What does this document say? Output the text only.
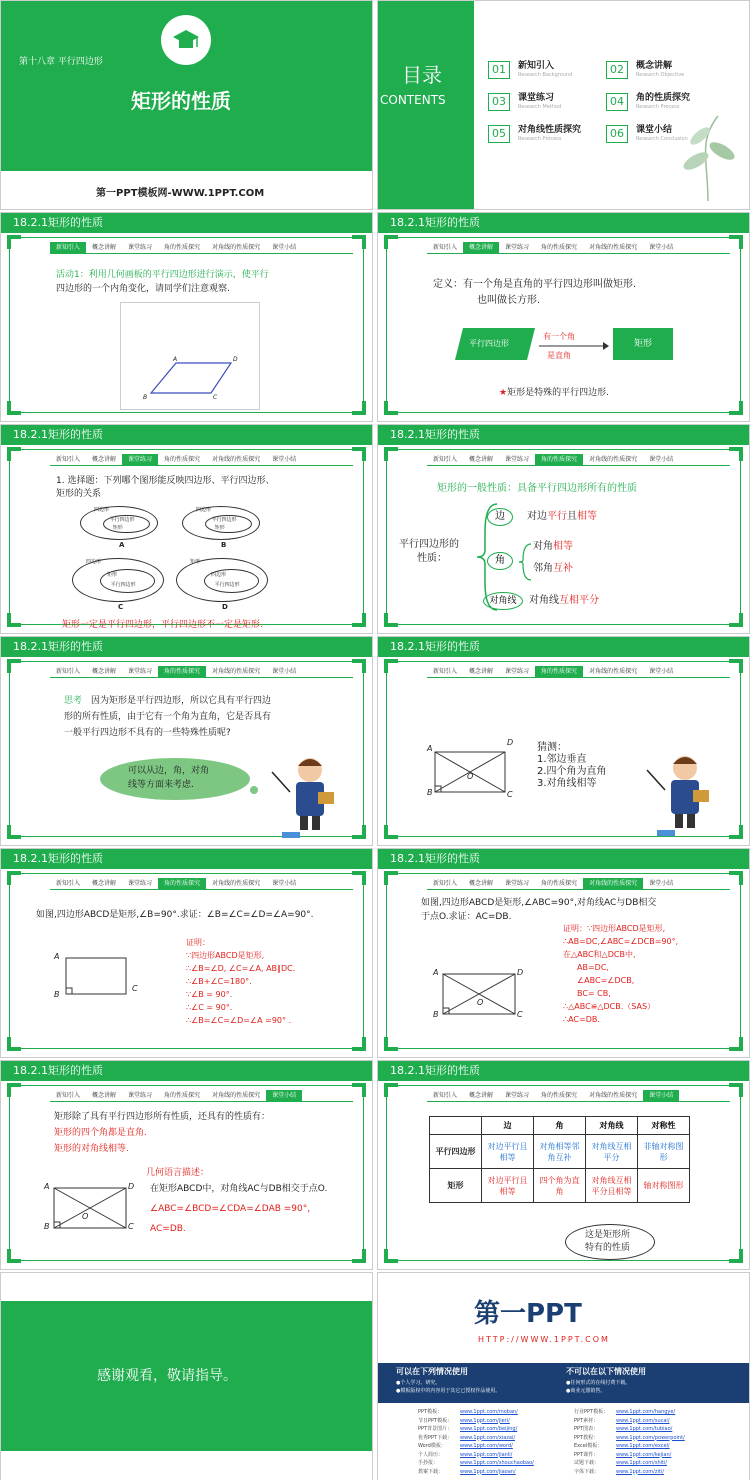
第十八章 平行四边形
矩形的性质
第一PPT模板网-WWW.1PPT.COM
目录
CONTENTS
01	新知引入
Research Background	02	概念讲解
Research Objective
03	课堂练习
Research Method	04	角的性质探究
Research Process
05	对角线性质探究
Research Process	06	课堂小结
Research Conclusion
18.2.1矩形的性质
新知引入	概念讲解	课堂练习	角的性质探究	对角线的性质探究	课堂小结
活动1：利用几何画板的平行四边形进行演示，使平行
四边形的一个内角变化，请同学们注意观察.
A	D
B	C
18.2.1矩形的性质
新知引入	概念讲解	课堂练习	角的性质探究	对角线的性质探究	课堂小结
定义：有一个角是直角的平行四边形叫做矩形.
也叫做长方形.
平行四边形
有一个角
是直角
矩形
★矩形是特殊的平行四边形.
18.2.1矩形的性质
新知引入	概念讲解	课堂练习	角的性质探究	对角线的性质探究	课堂小结
1. 选择题：下列哪个图形能反映四边形、平行四边形、
矩形的关系
四边形
平行四边形
矩形
A
四边形
平行四边形
矩形
B
四边形
矩形
平行四边形
C
矩形
四边形
平行四边形
D
矩形一定是平行四边形，平行四边形不一定是矩形.
18.2.1矩形的性质
新知引入	概念讲解	课堂练习	角的性质探究	对角线的性质探究	课堂小结
矩形的一般性质：具备平行四边形所有的性质
平行四边形的
性质：
边	对边平行且相等
角
对角相等
邻角互补
对角线	对角线互相平分
18.2.1矩形的性质
新知引入	概念讲解	课堂练习	角的性质探究	对角线的性质探究	课堂小结
思考　 因为矩形是平行四边形，所以它具有平行四边
形的所有性质，由于它有一个角为直角，它是否具有
一般平行四边形不具有的一些特殊性质呢?
可以从边，角，对角
线等方面来考虑.
18.2.1矩形的性质
新知引入	概念讲解	课堂练习	角的性质探究	对角线的性质探究	课堂小结
A
D
B	C
O
猜测：
1.邻边垂直
2.四个角为直角
3.对角线相等
18.2.1矩形的性质
新知引入	概念讲解	课堂练习	角的性质探究	对角线的性质探究	课堂小结
如图,四边形ABCD是矩形,∠B=90°.求证：∠B=∠C=∠D=∠A=90°.
A
B
C
证明：
∵四边形ABCD是矩形,
∴∠B=∠D, ∠C=∠A, AB∥DC.
∴∠B+∠C=180°.
∵∠B = 90°.
∴∠C = 90°.
∴∠B=∠C=∠D=∠A =90° .
18.2.1矩形的性质
新知引入	概念讲解	课堂练习	角的性质探究	对角线的性质探究	课堂小结
如图,四边形ABCD是矩形,∠ABC=90°,对角线AC与DB相交
于点O.求证：AC=DB.
A	D
B	C
O
证明：∵四边形ABCD是矩形,
∴AB=DC,∠ABC=∠DCB=90°,
在△ABC和△DCB中,
AB=DC,
∠ABC=∠DCB,
BC= CB,
∴△ABC≌△DCB.（SAS）
∴AC=DB.
18.2.1矩形的性质
新知引入	概念讲解	课堂练习	角的性质探究	对角线的性质探究	课堂小结
矩形除了具有平行四边形所有性质，还具有的性质有：
矩形的四个角都是直角.
矩形的对角线相等.
几何语言描述：
在矩形ABCD中，对角线AC与DB相交于点O.
∠ABC=∠BCD=∠CDA=∠DAB =90°，
AC=DB.
A	D
B	C
O
18.2.1矩形的性质
新知引入	概念讲解	课堂练习	角的性质探究	对角线的性质探究	课堂小结
	边	角	对角线	对称性
平行四边形	对边平行且相等	对角相等邻角互补	对角线互相平分	非轴对称图形
矩形	对边平行且相等	四个角为直角	对角线互相平分且相等	轴对称图形
这是矩形所
特有的性质
感谢观看，敬请指导。
第一PPT
HTTP://WWW.1PPT.COM
可以在下列情况使用
●个人学习、研究。
●模板版权中的内容用于其它已授权作品使用。
不可以在以下情况使用
●任何形式的在线付费下载。
●商业元器销售。
PPT模板：	www.1ppt.com/moban/
节日PPT模板： www.1ppt.com/jieri/
PPT背景图片： www.1ppt.com/beijing/
优秀PPT下载： www.1ppt.com/xiazai/
Word模板：	www.1ppt.com/word/
个人简历：	www.1ppt.com/jianli/
手抄报：	www.1ppt.com/shouchaobao/
教案下载：	www.1ppt.com/jiaoan/
行业PPT模板： www.1ppt.com/hangye/
PPT素材：	www.1ppt.com/sucai/
PPT图表：	www.1ppt.com/tubiao/
PPT教程：	www.1ppt.com/powerpoint/
Excel模板：	www.1ppt.com/excel/
PPT课件：	www.1ppt.com/kejian/
试题下载：	www.1ppt.com/shiti/
字体下载：	www.1ppt.com/ziti/
